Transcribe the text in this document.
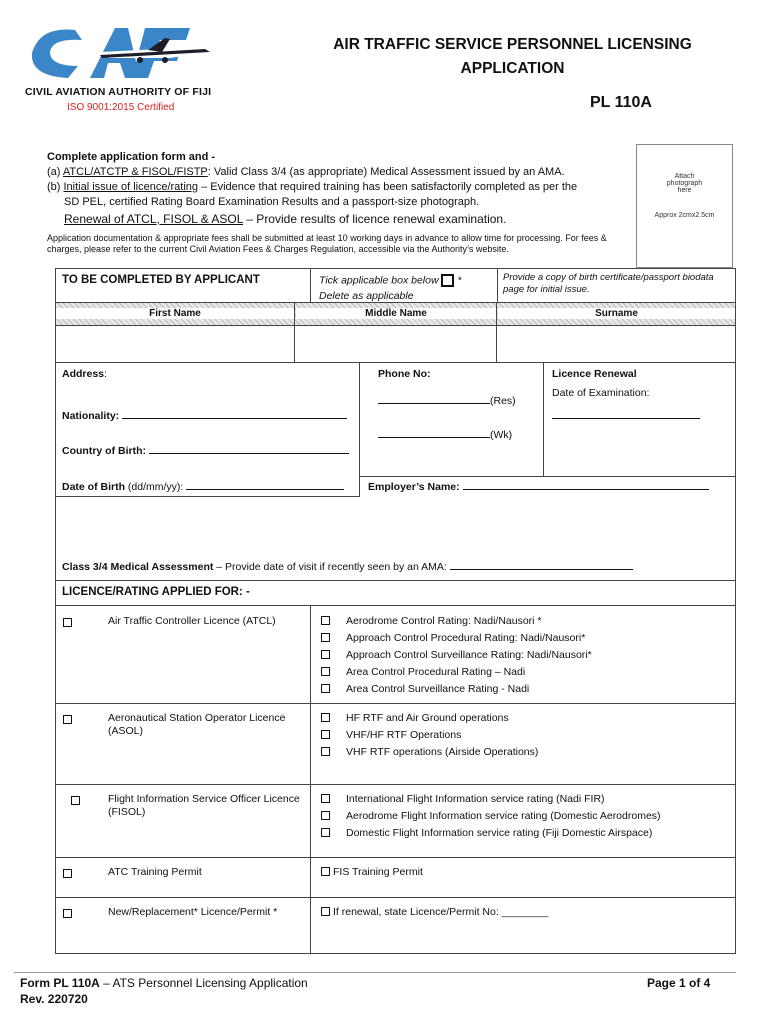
CIVIL AVIATION AUTHORITY OF FIJI
ISO 9001:2015 Certified
AIR TRAFFIC SERVICE PERSONNEL LICENSING
APPLICATION
PL 110A
Complete application form and -
(a) ATCL/ATCTP & FISOL/FISTP: Valid Class 3/4 (as appropriate) Medical Assessment issued by an AMA.
(b) Initial issue of licence/rating – Evidence that required training has been satisfactorily completed as per the
SD PEL, certified Rating Board Examination Results and a passport-size photograph.
Renewal of ATCL, FISOL & ASOL – Provide results of licence renewal examination.
Application documentation & appropriate fees shall be submitted at least 10 working days in advance to allow time for processing. For fees & charges, please refer to the current Civil Aviation Fees & Charges Regulation, accessible via the Authority’s website.
Attach
photograph
here
Approx 2cmx2.5cm
TO BE COMPLETED BY APPLICANT	Tick applicable box below *
Delete as applicable
Provide a copy of birth certificate/passport biodata page for initial issue.
First Name	Middle Name	Surname
Address:
Nationality:
Country of Birth:
Date of Birth (dd/mm/yy):
Phone No:
(Res)
(Wk)
Licence Renewal
Date of Examination:
Employer’s Name:
Class 3/4 Medical Assessment – Provide date of visit if recently seen by an AMA:
LICENCE/RATING APPLIED FOR: -
Air Traffic Controller Licence (ATCL)	Aerodrome Control Rating: Nadi/Nausori *
Approach Control Procedural Rating: Nadi/Nausori*
Approach Control Surveillance Rating: Nadi/Nausori*
Area Control Procedural Rating – Nadi
Area Control Surveillance Rating - Nadi
Aeronautical Station Operator Licence (ASOL)
HF RTF and Air Ground operations
VHF/HF RTF Operations
VHF RTF operations (Airside Operations)
Flight Information Service Officer Licence (FISOL)
International Flight Information service rating (Nadi FIR)
Aerodrome Flight Information service rating (Domestic Aerodromes)
Domestic Flight Information service rating (Fiji Domestic Airspace)
ATC Training Permit	FIS Training Permit
New/Replacement* Licence/Permit *	If renewal, state Licence/Permit No: ________
Form PL 110A – ATS Personnel Licensing Application
Rev. 220720
Page 1 of 4
